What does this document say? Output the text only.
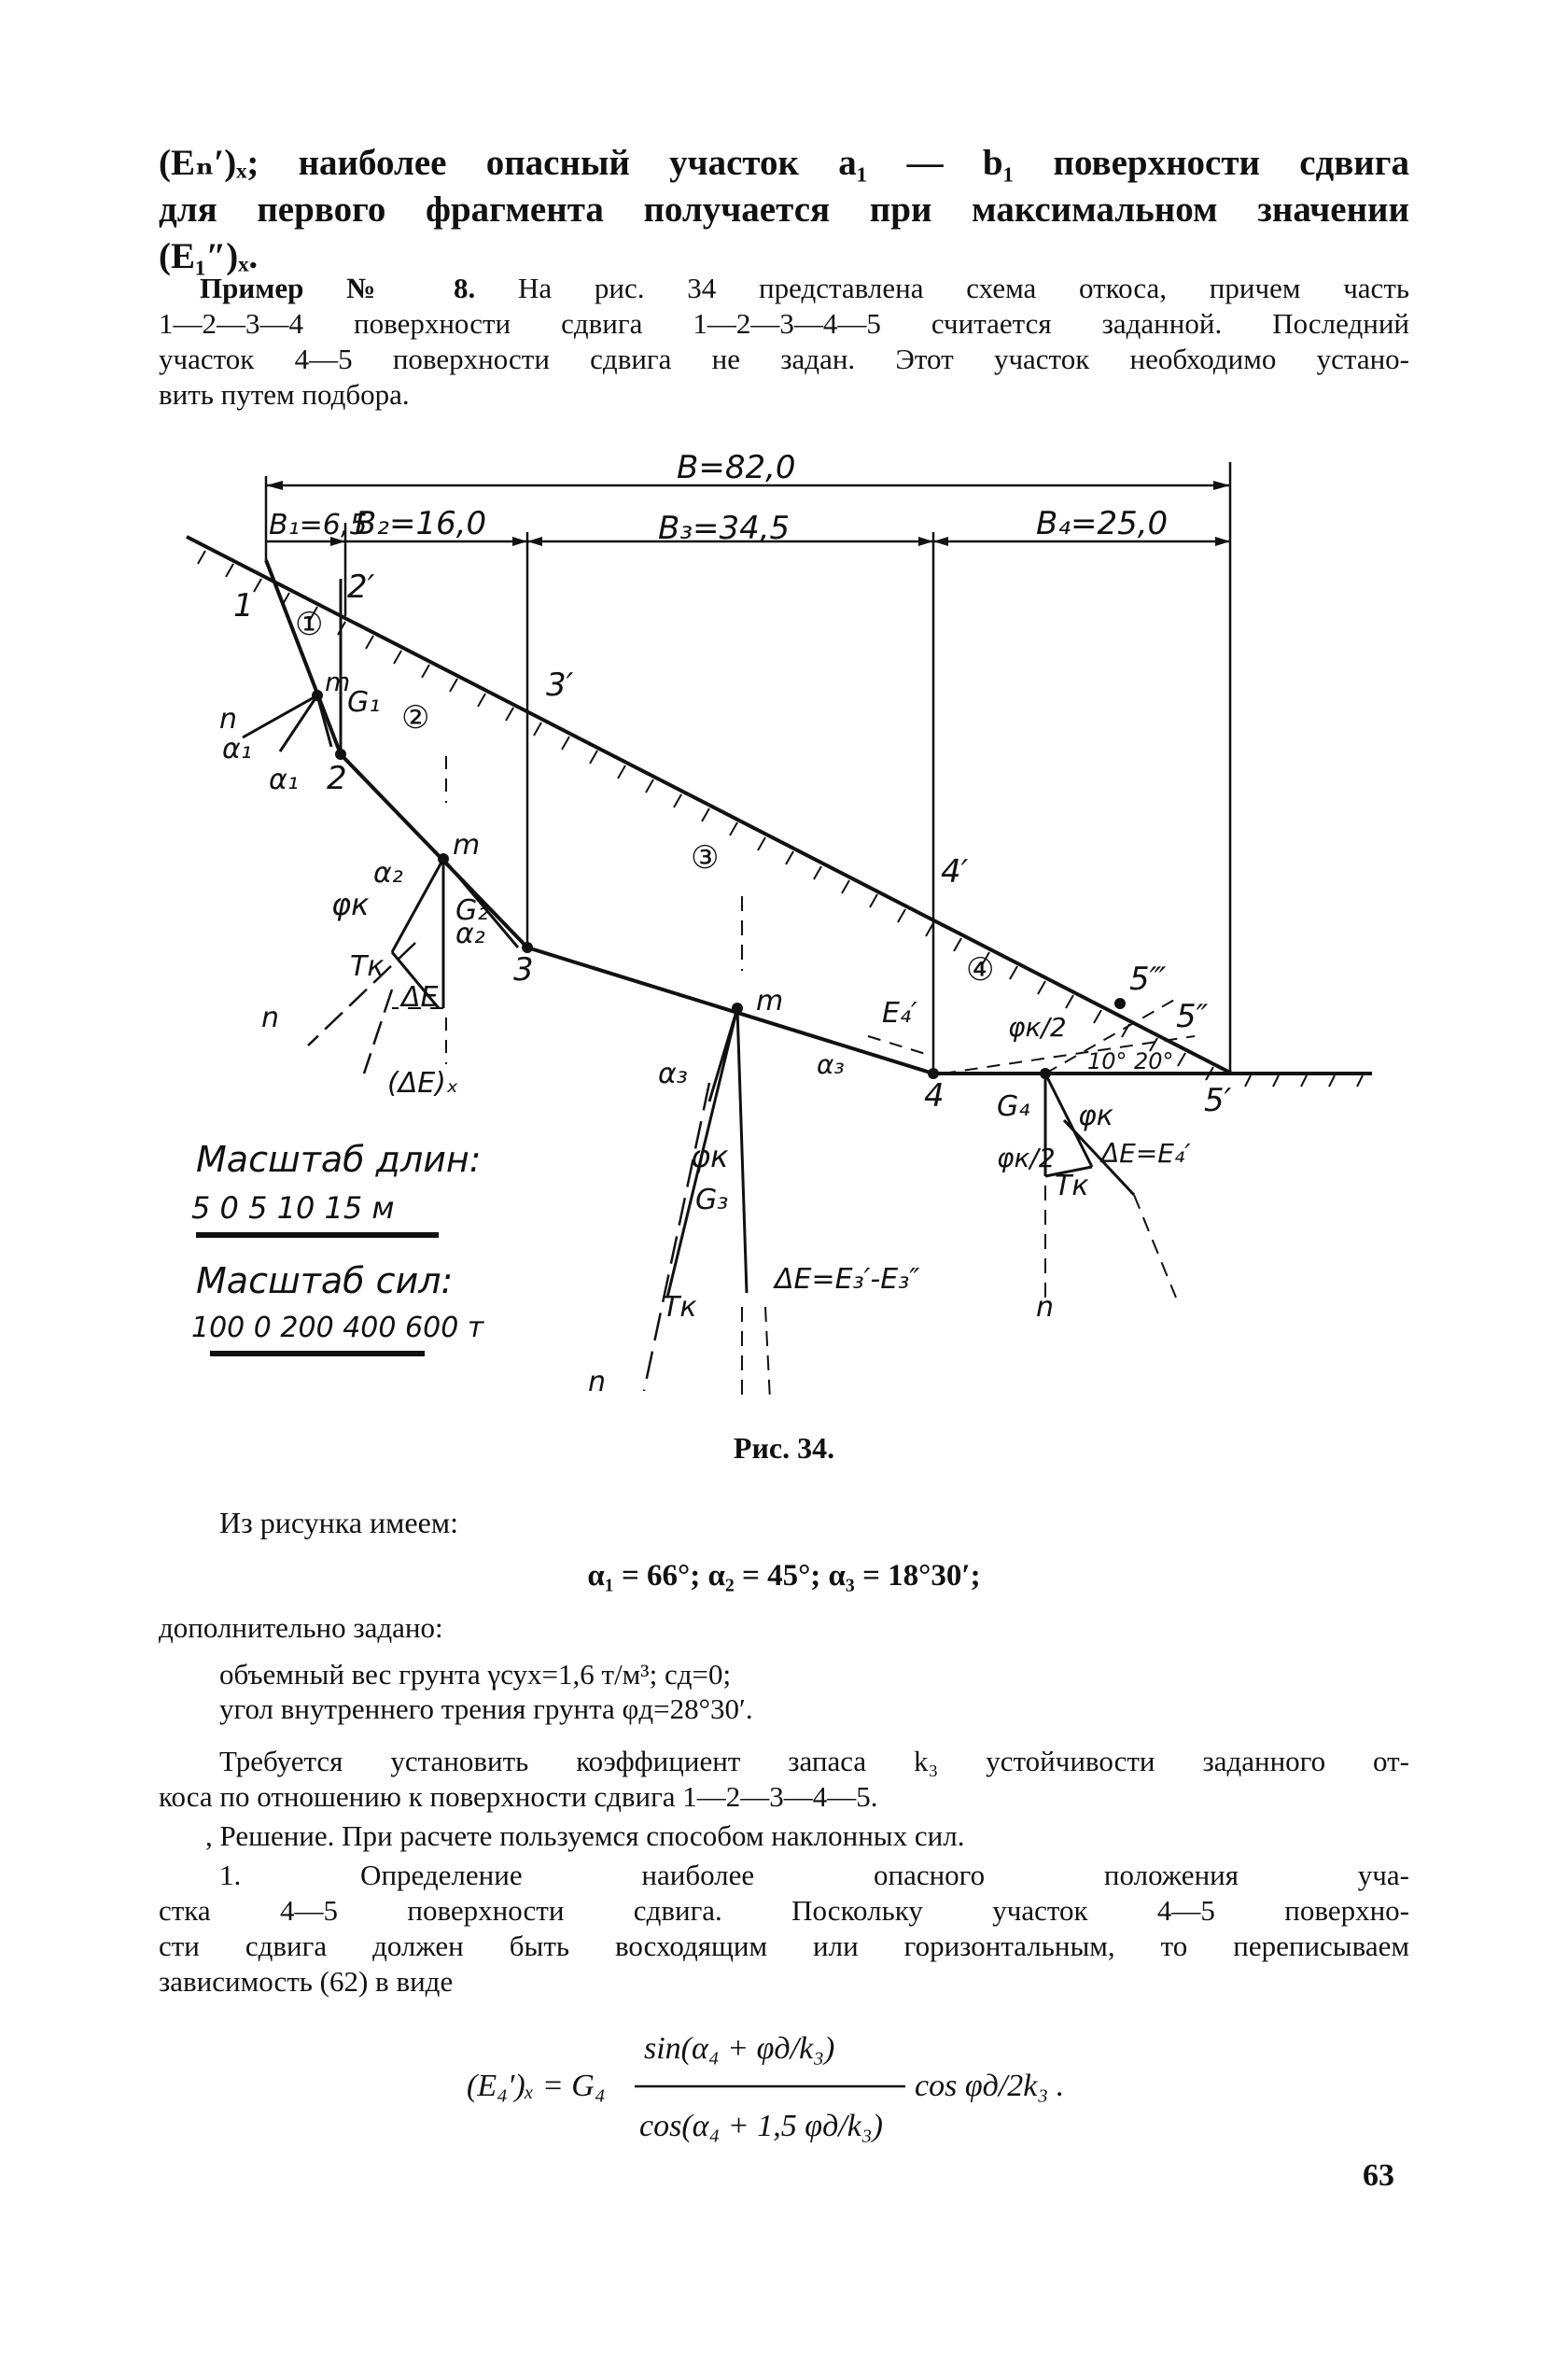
(Eₙ′)ₓ; наиболее опасный участок a₁ — b₁ поверхности сдвига
для первого фрагмента получается при максимальном значении
(E₁″)ₓ.
Пример № 8. На рис. 34 представлена схема откоса, причем часть
1—2—3—4 поверхности сдвига 1—2—3—4—5 считается заданной. Последний
участок 4—5 поверхности сдвига не задан. Этот участок необходимо устано-
вить путем подбора.
B=82,0
B₁=6,5
B₂=16,0	B₃=34,5	B₄=25,0
1	2′
2
3′
3
4′
4
5‴
5″
5′
①
②
③
④
m
G₁
n
α₁
α₁
m
α₂
φк	G₂
α₂
Tк
ΔE
n
(ΔE)ₓ
m
α₃
φк
G₃
Tк
ΔE=E₃′-E₃″
n
α₃
E₄′	φк/2
10° 20°
G₄ φк
ΔE=E₄′
φк/2
Tк
n
Масштаб длин:
5 0 5 10 15 м
Масштаб сил:
100 0 200 400 600 т
Рис. 34.
Из рисунка имеем:
α₁ = 66°; α₂ = 45°; α₃ = 18°30′;
дополнительно задано:
объемный вес грунта γсух=1,6 т/м³; cд=0;
угол внутреннего трения грунта φд=28°30′.
Требуется установить коэффициент запаса k₃ устойчивости заданного от-
коса по отношению к поверхности сдвига 1—2—3—4—5.
, Решение. При расчете пользуемся способом наклонных сил.
1. Определение наиболее опасного положения уча-
стка 4—5 поверхности сдвига. Поскольку участок 4—5 поверхно-
сти сдвига должен быть восходящим или горизонтальным, то переписываем
зависимость (62) в виде
(E₄′)ₓ = G₄
sin(α₄ + φд/k₃)
cos(α₄ + 1,5 φд/k₃)
cos φд/2k₃ .
63
